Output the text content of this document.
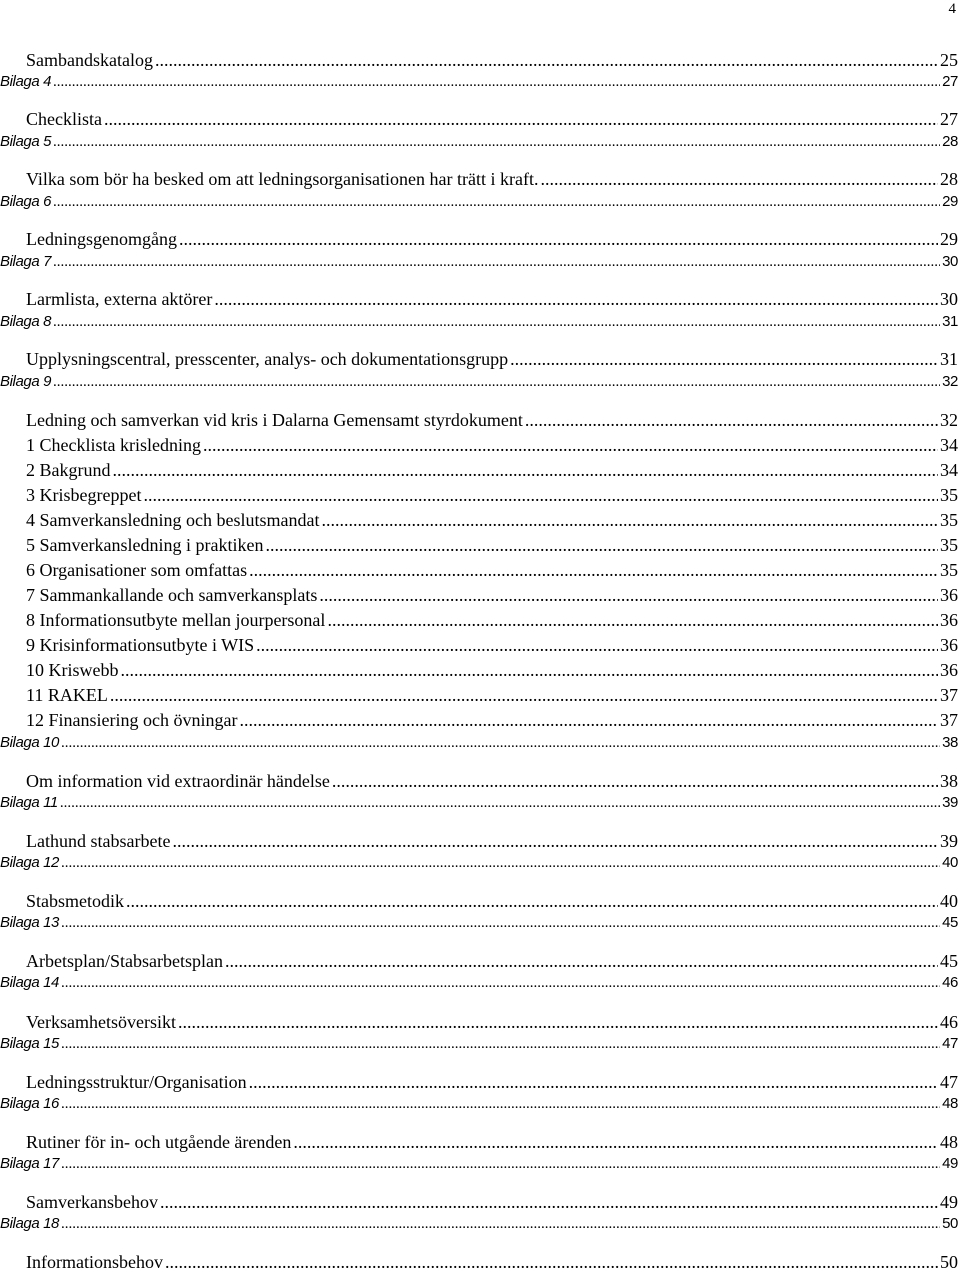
4
Sambandskatalog .....	25
Bilaga 4 .....	27
Checklista .....	27
Bilaga 5 .....	28
Vilka som bör ha besked om att ledningsorganisationen har trätt i kraft. .....	28
Bilaga 6 .....	29
Ledningsgenomgång .....	29
Bilaga 7 .....	30
Larmlista, externa aktörer .....	30
Bilaga 8 .....	31
Upplysningscentral, presscenter, analys- och dokumentationsgrupp .....	31
Bilaga 9 .....	32
Ledning och samverkan vid kris i Dalarna Gemensamt styrdokument .....	32
1 Checklista krisledning .....	34
2 Bakgrund .....	34
3 Krisbegreppet .....	35
4 Samverkansledning och beslutsmandat .....	35
5 Samverkansledning i praktiken .....	35
6 Organisationer som omfattas .....	35
7 Sammankallande och samverkansplats .....	36
8 Informationsutbyte mellan jourpersonal .....	36
9 Krisinformationsutbyte i WIS .....	36
10 Kriswebb .....	36
11 RAKEL .....	37
12 Finansiering och övningar .....	37
Bilaga 10 .....	38
Om information vid extraordinär händelse .....	38
Bilaga 11 .....	39
Lathund stabsarbete .....	39
Bilaga 12 .....	40
Stabsmetodik .....	40
Bilaga 13 .....	45
Arbetsplan/Stabsarbetsplan .....	45
Bilaga 14 .....	46
Verksamhetsöversikt .....	46
Bilaga 15 .....	47
Ledningsstruktur/Organisation .....	47
Bilaga 16 .....	48
Rutiner för in- och utgående ärenden .....	48
Bilaga 17 .....	49
Samverkansbehov .....	49
Bilaga 18 .....	50
Informationsbehov .....	50
